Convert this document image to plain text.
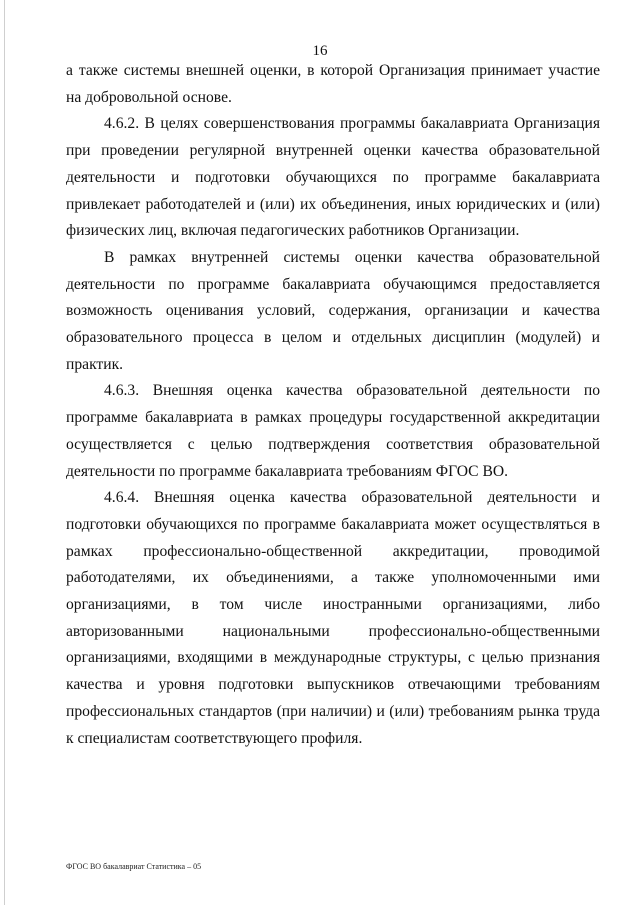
16

а также системы внешней оценки, в которой Организация принимает участие на добровольной основе.

4.6.2. В целях совершенствования программы бакалавриата Организация при проведении регулярной внутренней оценки качества образовательной деятельности и подготовки обучающихся по программе бакалавриата привлекает работодателей и (или) их объединения, иных юридических и (или) физических лиц, включая педагогических работников Организации.

В рамках внутренней системы оценки качества образовательной деятельности по программе бакалавриата обучающимся предоставляется возможность оценивания условий, содержания, организации и качества образовательного процесса в целом и отдельных дисциплин (модулей) и практик.

4.6.3. Внешняя оценка качества образовательной деятельности по программе бакалавриата в рамках процедуры государственной аккредитации осуществляется с целью подтверждения соответствия образовательной деятельности по программе бакалавриата требованиям ФГОС ВО.

4.6.4. Внешняя оценка качества образовательной деятельности и подготовки обучающихся по программе бакалавриата может осуществляться в рамках профессионально-общественной аккредитации, проводимой работодателями, их объединениями, а также уполномоченными ими организациями, в том числе иностранными организациями, либо авторизованными национальными профессионально-общественными организациями, входящими в международные структуры, с целью признания качества и уровня подготовки выпускников отвечающими требованиям профессиональных стандартов (при наличии) и (или) требованиям рынка труда к специалистам соответствующего профиля.

ФГОС ВО бакалавриат Статистика – 05
